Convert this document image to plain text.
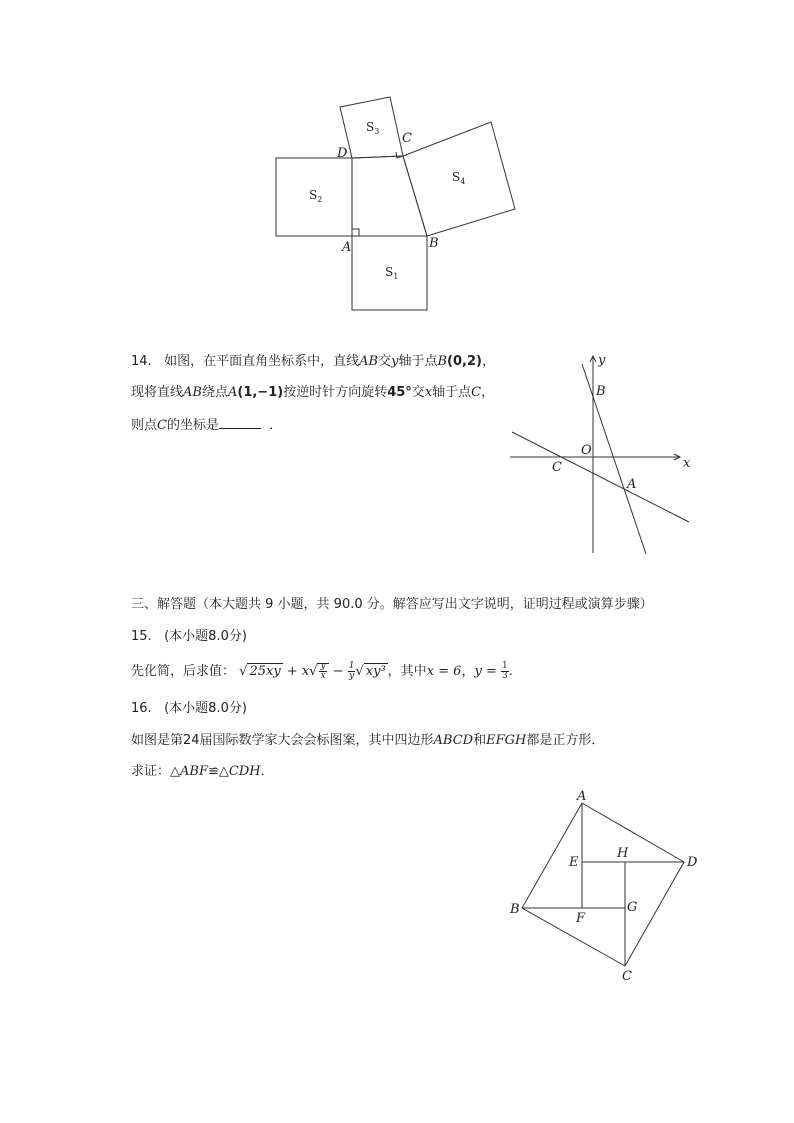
A	B
C
D
$S_1$
$S_2$
$S_3$
$S_4$
14. 如图，在平面直角坐标系中，直线AB交y轴于点B(0,2)，
现将直线AB绕点A(1,−1)按逆时针方向旋转45°交x轴于点C，
则点C的坐标是	．
x
y
O
B
C
A
三、解答题（本大题共 9 小题，共 90.0 分。解答应写出文字说明，证明过程或演算步骤）
15. (本小题8.0分)
先化简，后求值： √ $25xy + x√ \frac{y}{x} - \frac{1}{y}$ √ xy³ ，其中x = 6，$y = \frac{1}{3}$ .
16. (本小题8.0分)
如图是第24届国际数学家大会会标图案，其中四边形ABCD和EFGH都是正方形．
求证：△ABF≌△CDH．
A
B
C
D
E
F
G
H
